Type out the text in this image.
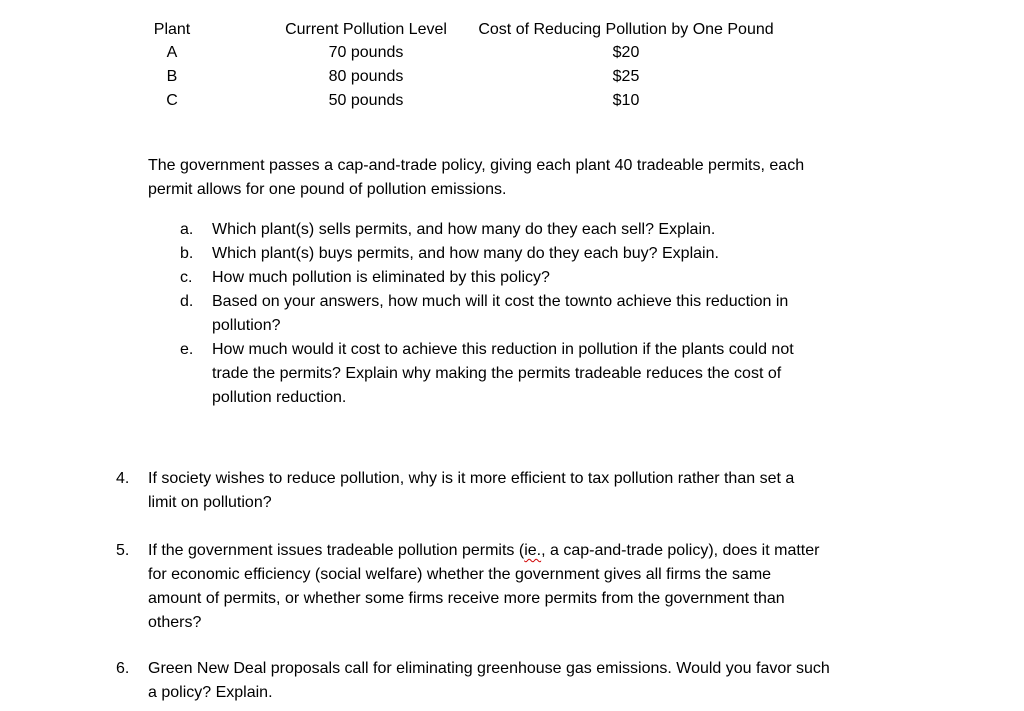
Plant	Current Pollution Level	Cost of Reducing Pollution by One Pound
A	70 pounds	$20
B	80 pounds	$25
C	50 pounds	$10
The government passes a cap-and-trade policy, giving each plant 40 tradeable permits, each
permit allows for one pound of pollution emissions.
a.	Which plant(s) sells permits, and how many do they each sell? Explain.
b.	Which plant(s) buys permits, and how many do they each buy? Explain.
c.	How much pollution is eliminated by this policy?
d.	Based on your answers, how much will it cost the townto achieve this reduction in
pollution?
e.	How much would it cost to achieve this reduction in pollution if the plants could not
trade the permits? Explain why making the permits tradeable reduces the cost of
pollution reduction.
4.	If society wishes to reduce pollution, why is it more efficient to tax pollution rather than set a
limit on pollution?
5.	If the government issues tradeable pollution permits (ie., a cap-and-trade policy), does it matter
for economic efficiency (social welfare) whether the government gives all firms the same
amount of permits, or whether some firms receive more permits from the government than
others?
6.	Green New Deal proposals call for eliminating greenhouse gas emissions. Would you favor such
a policy? Explain.
